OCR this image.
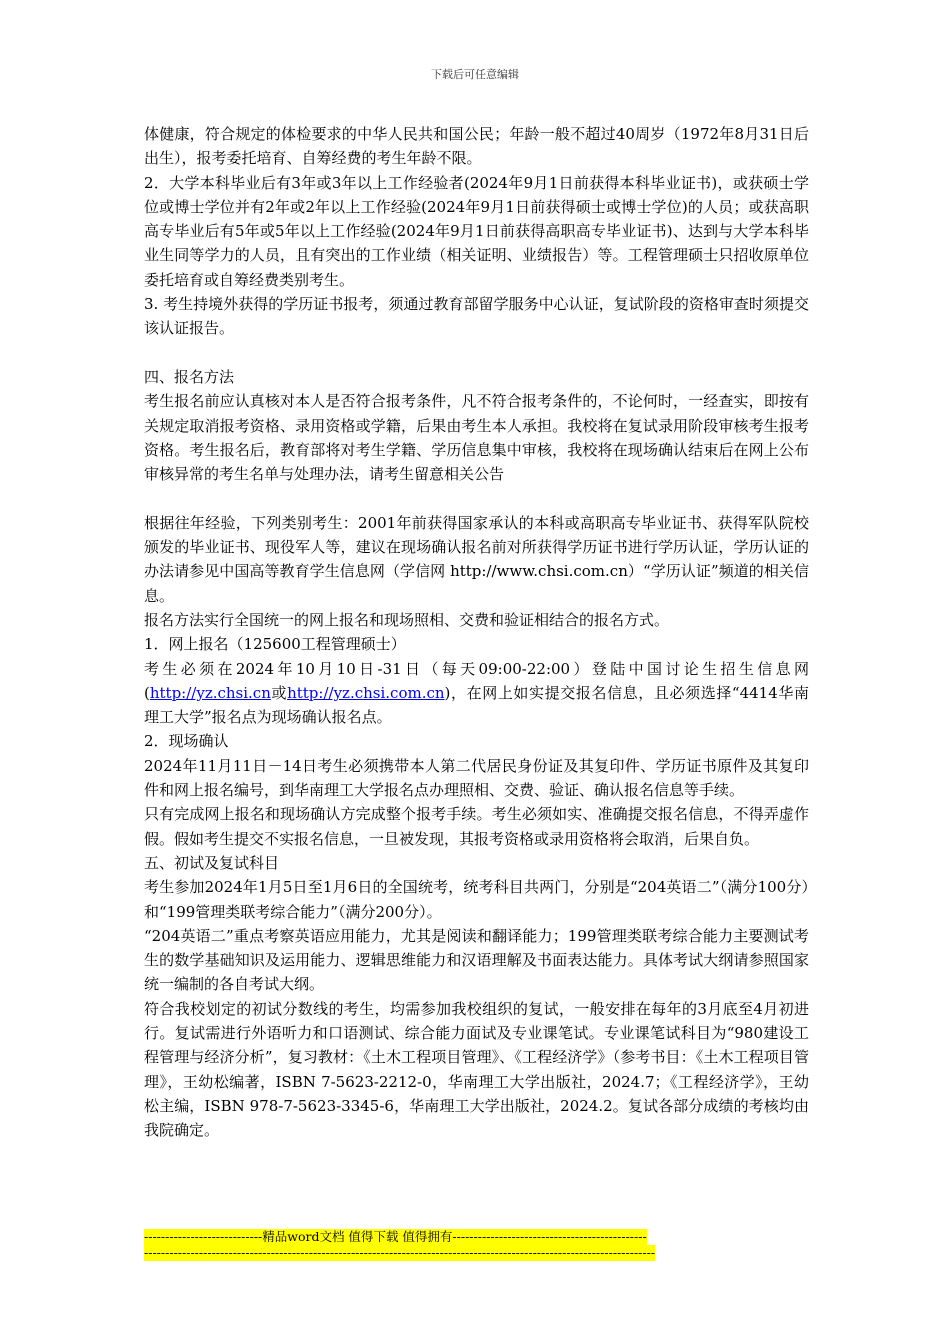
下载后可任意编辑

体健康，符合规定的体检要求的中华人民共和国公民；年龄一般不超过40周岁（1972年8月31日后出生），报考委托培育、自筹经费的考生年龄不限。

2．大学本科毕业后有3年或3年以上工作经验者(2024年9月1日前获得本科毕业证书)，或获硕士学位或博士学位并有2年或2年以上工作经验(2024年9月1日前获得硕士或博士学位)的人员；或获高职高专毕业后有5年或5年以上工作经验(2024年9月1日前获得高职高专毕业证书)、达到与大学本科毕业生同等学力的人员，且有突出的工作业绩（相关证明、业绩报告）等。工程管理硕士只招收原单位委托培育或自筹经费类别考生。

3. 考生持境外获得的学历证书报考，须通过教育部留学服务中心认证，复试阶段的资格审查时须提交该认证报告。

四、报名方法

考生报名前应认真核对本人是否符合报考条件，凡不符合报考条件的，不论何时，一经查实，即按有关规定取消报考资格、录用资格或学籍，后果由考生本人承担。我校将在复试录用阶段审核考生报考资格。考生报名后，教育部将对考生学籍、学历信息集中审核，我校将在现场确认结束后在网上公布审核异常的考生名单与处理办法，请考生留意相关公告

根据往年经验，下列类别考生：2001年前获得国家承认的本科或高职高专毕业证书、获得军队院校颁发的毕业证书、现役军人等，建议在现场确认报名前对所获得学历证书进行学历认证，学历认证的办法请参见中国高等教育学生信息网（学信网 http://www.chsi.com.cn）“学历认证”频道的相关信息。

报名方法实行全国统一的网上报名和现场照相、交费和验证相结合的报名方式。

1．网上报名（125600工程管理硕士）

考生必须在2024年10月10日-31日（每天09:00-22:00）登陆中国讨论生招生信息网(http://yz.chsi.cn或http://yz.chsi.com.cn)，在网上如实提交报名信息，且必须选择“4414华南理工大学”报名点为现场确认报名点。

2．现场确认

2024年11月11日－14日考生必须携带本人第二代居民身份证及其复印件、学历证书原件及其复印件和网上报名编号，到华南理工大学报名点办理照相、交费、验证、确认报名信息等手续。

只有完成网上报名和现场确认方完成整个报考手续。考生必须如实、准确提交报名信息，不得弄虚作假。假如考生提交不实报名信息，一旦被发现，其报考资格或录用资格将会取消，后果自负。

五、初试及复试科目

考生参加2024年1月5日至1月6日的全国统考，统考科目共两门，分别是“204英语二”（满分100分）和“199管理类联考综合能力”（满分200分）。

“204英语二”重点考察英语应用能力，尤其是阅读和翻译能力；199管理类联考综合能力主要测试考生的数学基础知识及运用能力、逻辑思维能力和汉语理解及书面表达能力。具体考试大纲请参照国家统一编制的各自考试大纲。

符合我校划定的初试分数线的考生，均需参加我校组织的复试，一般安排在每年的3月底至4月初进行。复试需进行外语听力和口语测试、综合能力面试及专业课笔试。专业课笔试科目为“980建设工程管理与经济分析”，复习教材：《土木工程项目管理》、《工程经济学》（参考书目：《土木工程项目管理》，王幼松编著，ISBN 7-5623-2212-0，华南理工大学出版社，2024.7；《工程经济学》，王幼松主编，ISBN 978-7-5623-3345-6，华南理工大学出版社，2024.2。复试各部分成绩的考核均由我院确定。

----------------------------精品word文档 值得下载 值得拥有----------------------------------------------
-------------------------------------------------------------------------------------------------------------------------
